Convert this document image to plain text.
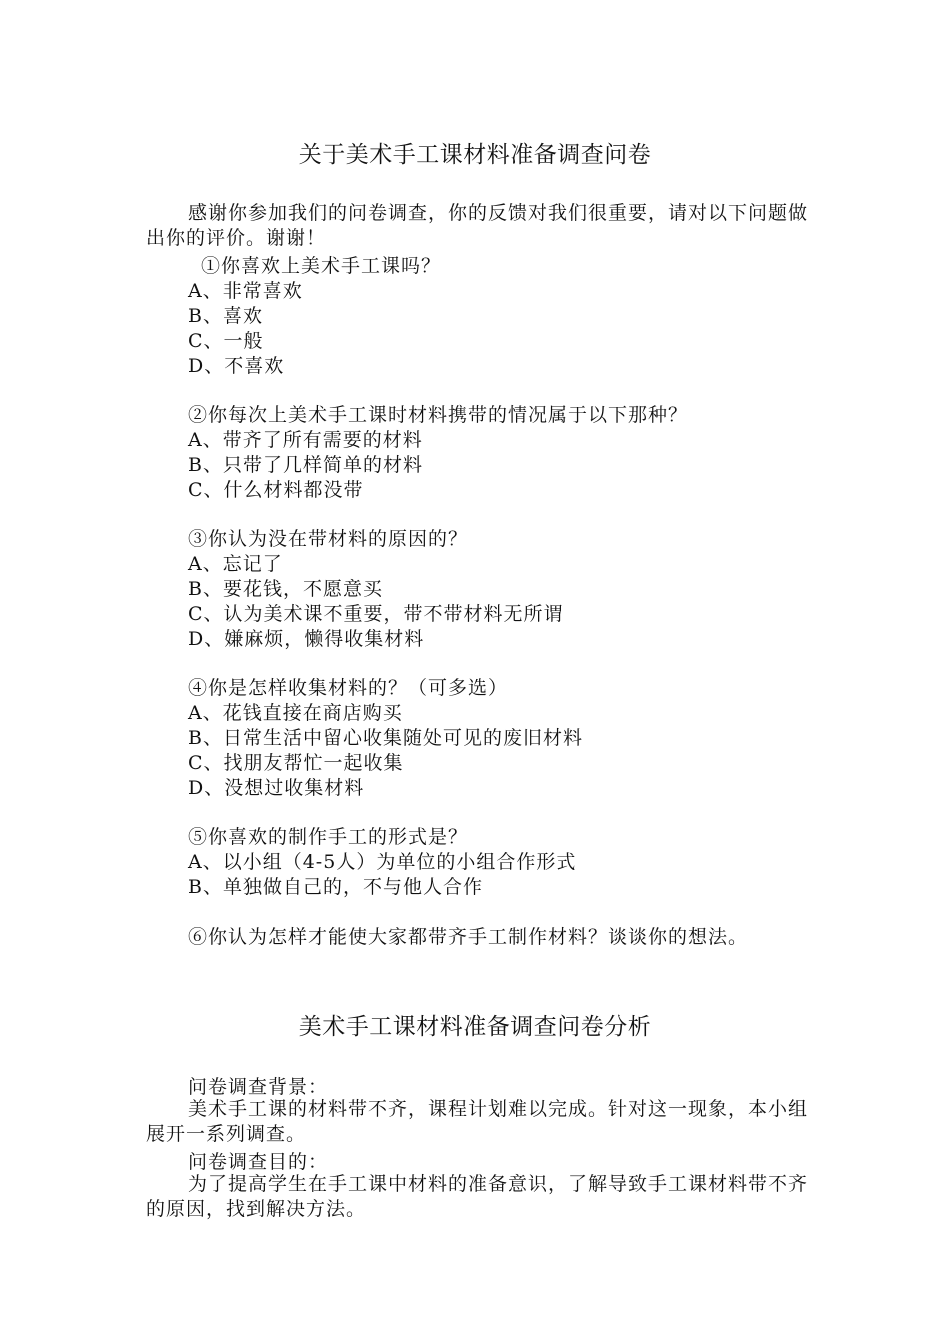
关于美术手工课材料准备调查问卷
感谢你参加我们的问卷调查，你的反馈对我们很重要，请对以下问题做出你的评价。谢谢！
①你喜欢上美术手工课吗？
A、非常喜欢
B、喜欢
C、一般
D、不喜欢
②你每次上美术手工课时材料携带的情况属于以下那种？
A、带齐了所有需要的材料
B、只带了几样简单的材料
C、什么材料都没带
③你认为没在带材料的原因的？
A、忘记了
B、要花钱，不愿意买
C、认为美术课不重要，带不带材料无所谓
D、嫌麻烦，懒得收集材料
④你是怎样收集材料的？（可多选）
A、花钱直接在商店购买
B、日常生活中留心收集随处可见的废旧材料
C、找朋友帮忙一起收集
D、没想过收集材料
⑤你喜欢的制作手工的形式是？
A、以小组（4-5人）为单位的小组合作形式
B、单独做自己的，不与他人合作
⑥你认为怎样才能使大家都带齐手工制作材料？谈谈你的想法。
美术手工课材料准备调查问卷分析
问卷调查背景：
美术手工课的材料带不齐，课程计划难以完成。针对这一现象，本小组展开一系列调查。
问卷调查目的：
为了提高学生在手工课中材料的准备意识，了解导致手工课材料带不齐的原因，找到解决方法。
